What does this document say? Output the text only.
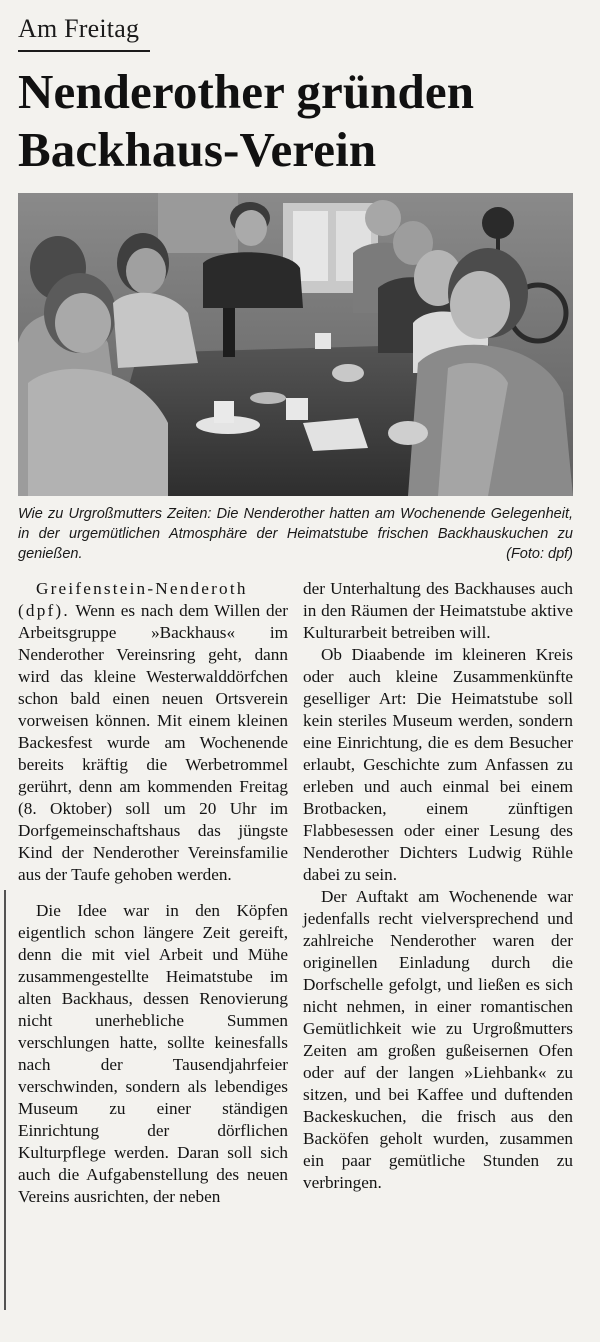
Am Freitag
Nenderother gründen
Backhaus-Verein
Wie zu Urgroßmutters Zeiten: Die Nenderother hatten am Wochenende Gelegenheit, in der urgemütlichen Atmosphäre der Heimatstube frischen Backhauskuchen zu genießen.	(Foto: dpf)

Greifenstein-Nenderoth (dpf). Wenn es nach dem Willen der Arbeitsgruppe »Backhaus« im Nenderother Vereinsring geht, dann wird das kleine Westerwalddörfchen schon bald einen neuen Ortsverein vorweisen können. Mit einem kleinen Backesfest wurde am Wochenende bereits kräftig die Werbetrommel gerührt, denn am kommenden Freitag (8. Oktober) soll um 20 Uhr im Dorfgemeinschaftshaus das jüngste Kind der Nenderother Vereinsfamilie aus der Taufe gehoben werden.

Die Idee war in den Köpfen eigentlich schon längere Zeit gereift, denn die mit viel Arbeit und Mühe zusammengestellte Heimatstube im alten Backhaus, dessen Renovierung nicht unerhebliche Summen verschlungen hatte, sollte keinesfalls nach der Tausendjahrfeier verschwinden, sondern als lebendiges Museum zu einer ständigen Einrichtung der dörflichen Kulturpflege werden. Daran soll sich auch die Aufgabenstellung des neuen Vereins ausrichten, der neben

der Unterhaltung des Backhauses auch in den Räumen der Heimatstube aktive Kulturarbeit betreiben will.

Ob Diaabende im kleineren Kreis oder auch kleine Zusammenkünfte geselliger Art: Die Heimatstube soll kein steriles Museum werden, sondern eine Einrichtung, die es dem Besucher erlaubt, Geschichte zum Anfassen zu erleben und auch einmal bei einem Brotbacken, einem zünftigen Flabbesessen oder einer Lesung des Nenderother Dichters Ludwig Rühle dabei zu sein.

Der Auftakt am Wochenende war jedenfalls recht vielversprechend und zahlreiche Nenderother waren der originellen Einladung durch die Dorfschelle gefolgt, und ließen es sich nicht nehmen, in einer romantischen Gemütlichkeit wie zu Urgroßmutters Zeiten am großen gußeisernen Ofen oder auf der langen »Liehbank« zu sitzen, und bei Kaffee und duftenden Backeskuchen, die frisch aus den Backöfen geholt wurden, zusammen ein paar gemütliche Stunden zu verbringen.
